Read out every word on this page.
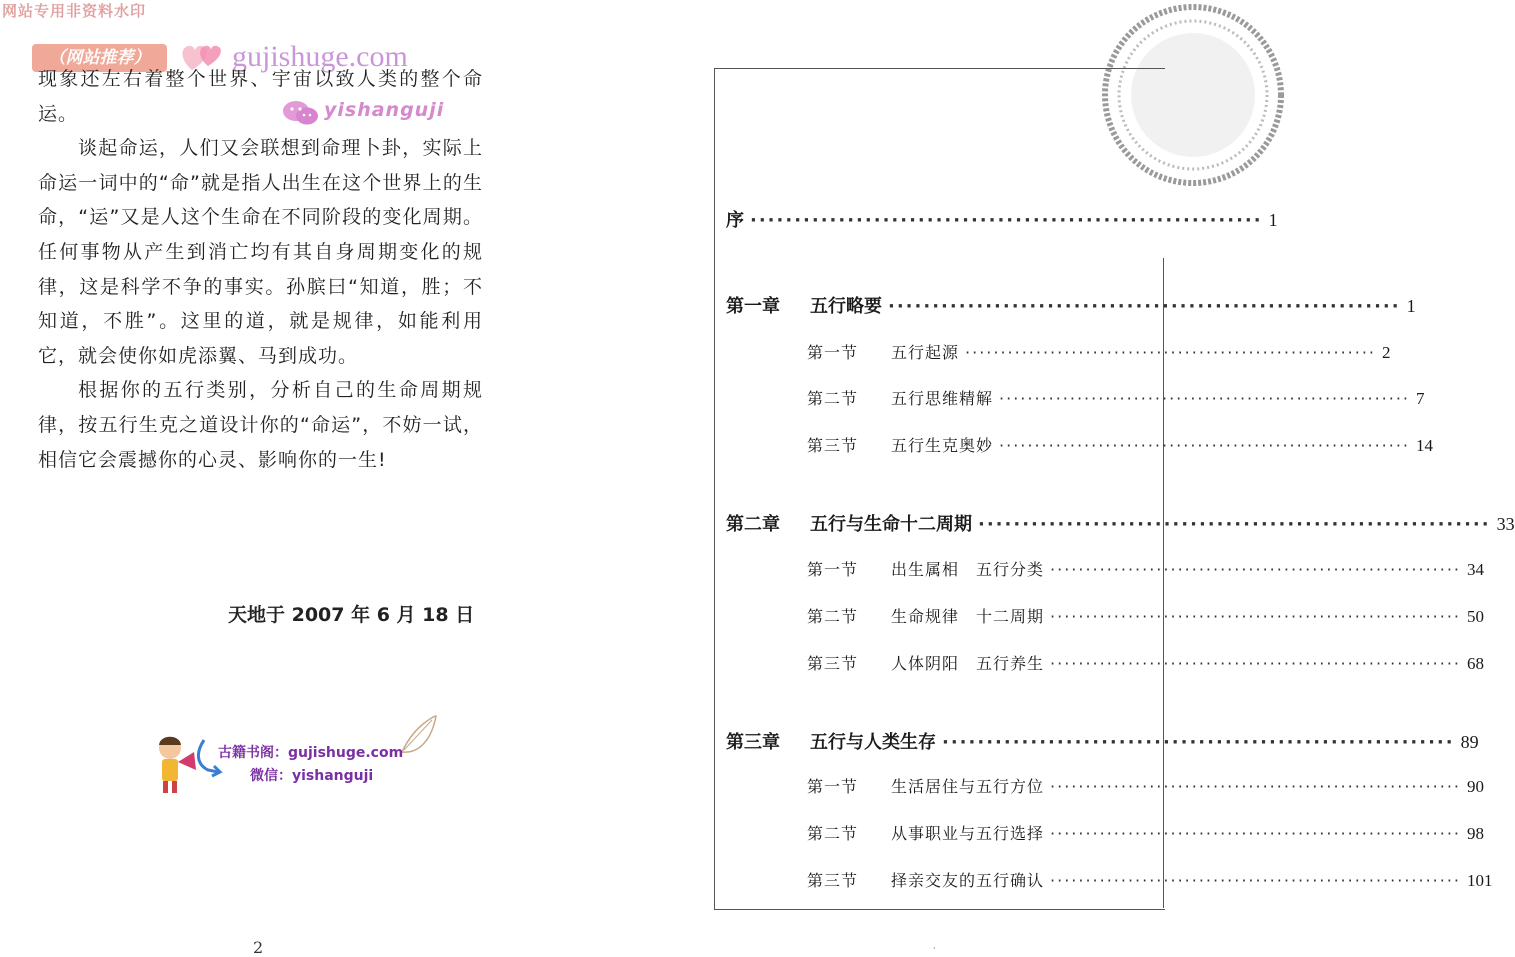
网站专用非资料水印
（网站推荐）	gujishuge.com
yishanguji

现象还左右着整个世界、宇宙以致人类的整个命运。

谈起命运，人们又会联想到命理卜卦，实际上命运一词中的“命”就是指人出生在这个世界上的生命，“运”又是人这个生命在不同阶段的变化周期。任何事物从产生到消亡均有其自身周期变化的规律，这是科学不争的事实。孙膑曰“知道，胜；不知道，不胜”。这里的道，就是规律，如能利用它，就会使你如虎添翼、马到成功。

根据你的五行类别，分析自己的生命周期规律，按五行生克之道设计你的“命运”，不妨一试，相信它会震撼你的心灵、影响你的一生!

天地于 2007 年 6 月 18 日
古籍书阁：gujishuge.com
微信：yishanguji
2	·
序 ·························································· 1
第一章 五行略要 ·························································· 1
第一节 五行起源 ·························································· 2
第二节 五行思维精解 ·························································· 7
第三节 五行生克奥妙 ·························································· 14
第二章 五行与生命十二周期 ·························································· 33
第一节 出生属相　五行分类 ·························································· 34
第二节 生命规律　十二周期 ·························································· 50
第三节 人体阴阳　五行养生 ·························································· 68
第三章 五行与人类生存 ·························································· 89
第一节 生活居住与五行方位 ·························································· 90
第二节 从事职业与五行选择 ·························································· 98
第三节 择亲交友的五行确认 ·························································· 101
